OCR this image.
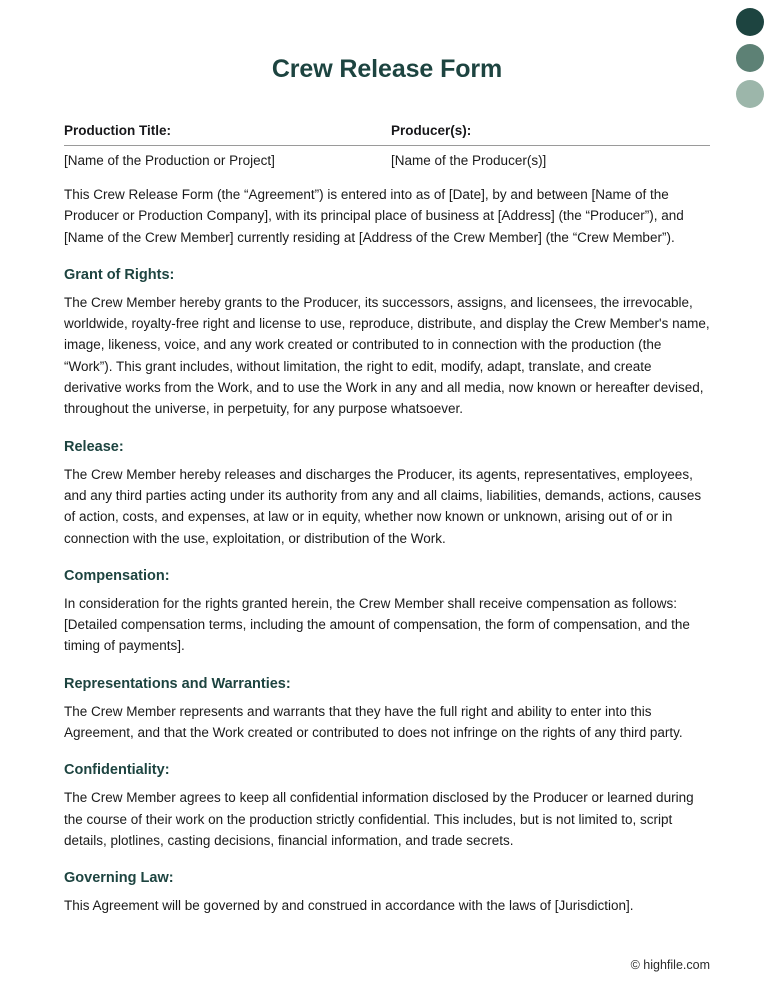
Crew Release Form
Production Title:	Producer(s):
[Name of the Production or Project]	[Name of the Producer(s)]

This Crew Release Form (the “Agreement”) is entered into as of [Date], by and between [Name of the Producer or Production Company], with its principal place of business at [Address] (the “Producer”), and [Name of the Crew Member] currently residing at [Address of the Crew Member] (the “Crew Member”).

Grant of Rights:

The Crew Member hereby grants to the Producer, its successors, assigns, and licensees, the irrevocable, worldwide, royalty-free right and license to use, reproduce, distribute, and display the Crew Member's name, image, likeness, voice, and any work created or contributed to in connection with the production (the “Work”). This grant includes, without limitation, the right to edit, modify, adapt, translate, and create derivative works from the Work, and to use the Work in any and all media, now known or hereafter devised, throughout the universe, in perpetuity, for any purpose whatsoever.

Release:

The Crew Member hereby releases and discharges the Producer, its agents, representatives, employees, and any third parties acting under its authority from any and all claims, liabilities, demands, actions, causes of action, costs, and expenses, at law or in equity, whether now known or unknown, arising out of or in connection with the use, exploitation, or distribution of the Work.

Compensation:

In consideration for the rights granted herein, the Crew Member shall receive compensation as follows: [Detailed compensation terms, including the amount of compensation, the form of compensation, and the timing of payments].

Representations and Warranties:

The Crew Member represents and warrants that they have the full right and ability to enter into this Agreement, and that the Work created or contributed to does not infringe on the rights of any third party.

Confidentiality:

The Crew Member agrees to keep all confidential information disclosed by the Producer or learned during the course of their work on the production strictly confidential. This includes, but is not limited to, script details, plotlines, casting decisions, financial information, and trade secrets.

Governing Law:

This Agreement will be governed by and construed in accordance with the laws of [Jurisdiction].

© highfile.com
